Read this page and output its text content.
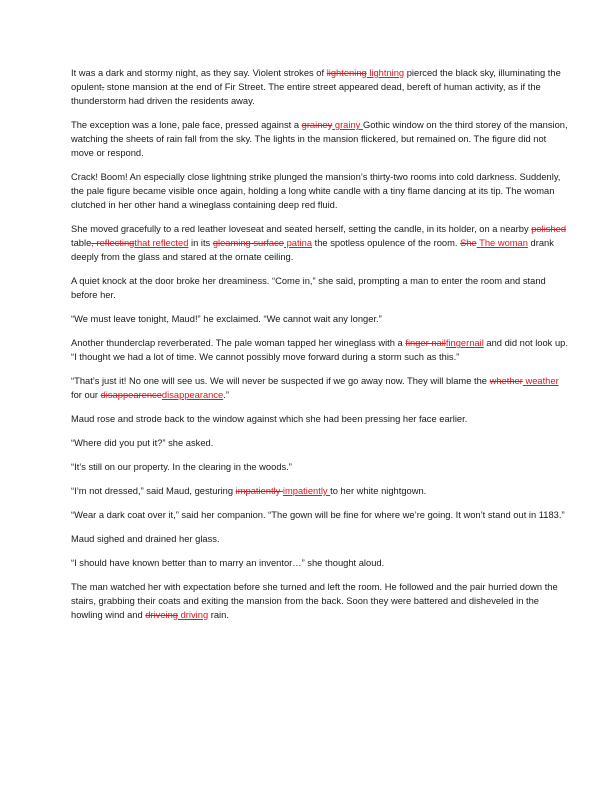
It was a dark and stormy night, as they say. Violent strokes of lightening lightning pierced the black sky, illuminating the opulent, stone mansion at the end of Fir Street. The entire street appeared dead, bereft of human activity, as if the thunderstorm had driven the residents away.

The exception was a lone, pale face, pressed against a grainey grainy Gothic window on the third storey of the mansion, watching the sheets of rain fall from the sky. The lights in the mansion flickered, but remained on. The figure did not move or respond.

Crack! Boom! An especially close lightning strike plunged the mansion’s thirty-two rooms into cold darkness. Suddenly, the pale figure became visible once again, holding a long white candle with a tiny flame dancing at its tip. The woman clutched in her other hand a wineglass containing deep red fluid.

She moved gracefully to a red leather loveseat and seated herself, setting the candle, in its holder, on a nearby polished table, reflectingthat reflected in its gleaming surface patina the spotless opulence of the room. She The woman drank deeply from the glass and stared at the ornate ceiling.

A quiet knock at the door broke her dreaminess. “Come in,” she said, prompting a man to enter the room and stand before her.

“We must leave tonight, Maud!” he exclaimed. “We cannot wait any longer.”

Another thunderclap reverberated. The pale woman tapped her wineglass with a finger nailfingernail and did not look up. “I thought we had a lot of time. We cannot possibly move forward during a storm such as this.”

“That’s just it! No one will see us. We will never be suspected if we go away now. They will blame the whether weather for our disappearencedisappearance.”

Maud rose and strode back to the window against which she had been pressing her face earlier.

“Where did you put it?” she asked.

“It’s still on our property. In the clearing in the woods.”

“I’m not dressed,” said Maud, gesturing impatiently impatiently to her white nightgown.

“Wear a dark coat over it,” said her companion. “The gown will be fine for where we’re going. It won’t stand out in 1183.”

Maud sighed and drained her glass.

“I should have known better than to marry an inventor…” she thought aloud.

The man watched her with expectation before she turned and left the room. He followed and the pair hurried down the stairs, grabbing their coats and exiting the mansion from the back. Soon they were battered and disheveled in the howling wind and driveing driving rain.
